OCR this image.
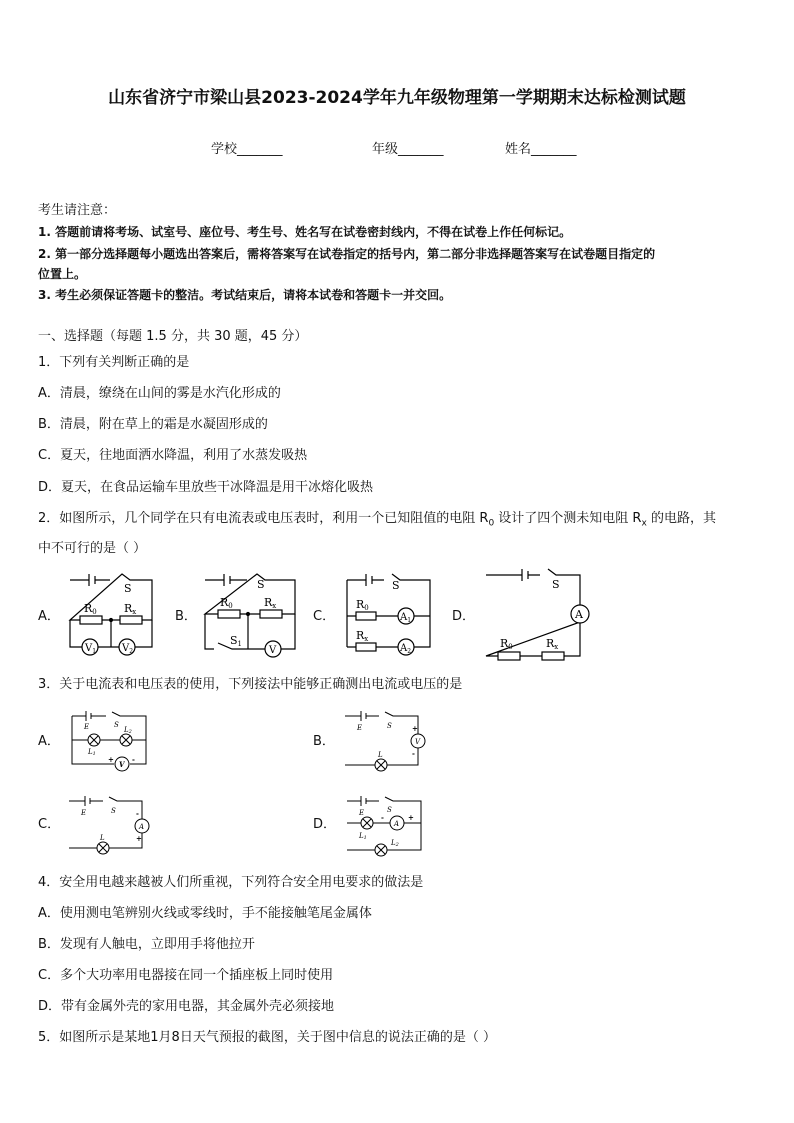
山东省济宁市梁山县2023-2024学年九年级物理第一学期期末达标检测试题
学校_______	年级_______	姓名_______
考生请注意：
1. 答题前请将考场、试室号、座位号、考生号、姓名写在试卷密封线内，不得在试卷上作任何标记。
2. 第一部分选择题每小题选出答案后，需将答案写在试卷指定的括号内，第二部分非选择题答案写在试卷题目指定的
位置上。
3. 考生必须保证答题卡的整洁。考试结束后，请将本试卷和答题卡一并交回。
一、选择题（每题 1.5 分，共 30 题，45 分）
1．下列有关判断正确的是
A．清晨，缭绕在山间的雾是水汽化形成的
B．清晨，附在草上的霜是水凝固形成的
C．夏天，往地面洒水降温，利用了水蒸发吸热
D．夏天，在食品运输车里放些干冰降温是用干冰熔化吸热
2．如图所示，几个同学在只有电流表或电压表时，利用一个已知阻值的电阻 $R_0$ 设计了四个测未知电阻 $R_x$ 的电路，其
中不可行的是（ ）
A．	B．	C．	D．
S
R0 Rx
$V_1$	$V_2$
S
R0	Rx
S1
V
S
R0
Rx
$A_1$
$A_2$
S
A
R0	Rx
3．关于电流表和电压表的使用，下列接法中能够正确测出电流或电压的是
A．	B．
C．	D．
E	S
L2
L1
V
+	-
E	S
L
V
+
-
E	S
L
A
-
+
E	S
A
L1
L2
-	+
4．安全用电越来越被人们所重视，下列符合安全用电要求的做法是
A．使用测电笔辨别火线或零线时，手不能接触笔尾金属体
B．发现有人触电，立即用手将他拉开
C．多个大功率用电器接在同一个插座板上同时使用
D．带有金属外壳的家用电器，其金属外壳必须接地
5．如图所示是某地1月8日天气预报的截图，关于图中信息的说法正确的是（ ）
